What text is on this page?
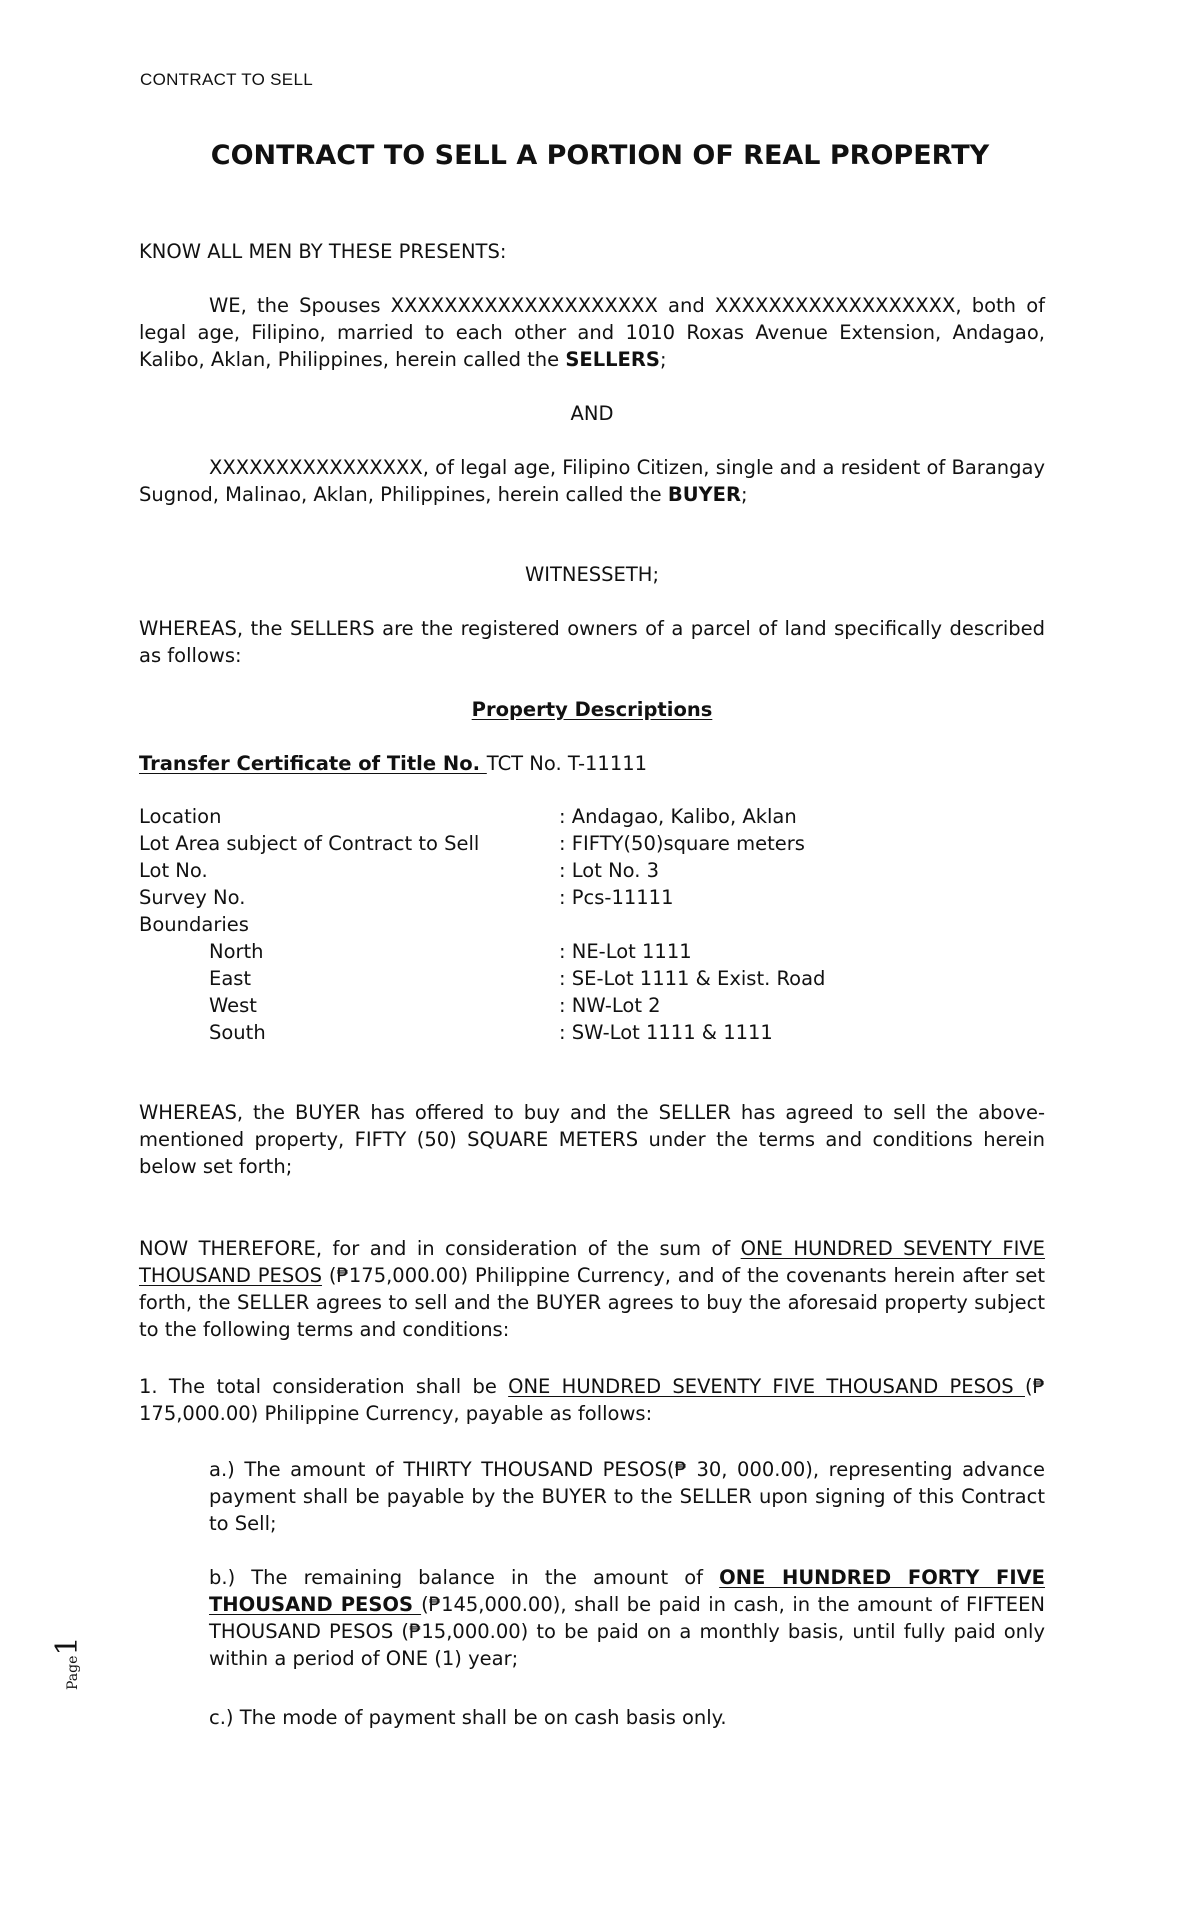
CONTRACT TO SELL
CONTRACT TO SELL A PORTION OF REAL PROPERTY
KNOW ALL MEN BY THESE PRESENTS:
WE, the Spouses XXXXXXXXXXXXXXXXXXXX and XXXXXXXXXXXXXXXXXX, both of legal age, Filipino, married to each other and 1010 Roxas Avenue Extension, Andagao, Kalibo, Aklan, Philippines, herein called the SELLERS;
AND
XXXXXXXXXXXXXXXX, of legal age, Filipino Citizen, single and a resident of Barangay Sugnod, Malinao, Aklan, Philippines, herein called the BUYER;
WITNESSETH;
WHEREAS, the SELLERS are the registered owners of a parcel of land specifically described as follows:
Property Descriptions
Transfer Certificate of Title No. TCT No. T-11111
Location	: Andagao, Kalibo, Aklan
Lot Area subject of Contract to Sell	: FIFTY(50)square meters
Lot No.	: Lot No. 3
Survey No.	: Pcs-11111
Boundaries	
North	: NE-Lot 1111
East	: SE-Lot 1111 & Exist. Road
West	: NW-Lot 2
South	: SW-Lot 1111 & 1111
WHEREAS, the BUYER has offered to buy and the SELLER has agreed to sell the above-mentioned property, FIFTY (50) SQUARE METERS under the terms and conditions herein below set forth;
NOW THEREFORE, for and in consideration of the sum of ONE HUNDRED SEVENTY FIVE THOUSAND PESOS (₱175,000.00) Philippine Currency, and of the covenants herein after set forth, the SELLER agrees to sell and the BUYER agrees to buy the aforesaid property subject to the following terms and conditions:
1. The total consideration shall be ONE HUNDRED SEVENTY FIVE THOUSAND PESOS (₱ 175,000.00) Philippine Currency, payable as follows:
a.) The amount of THIRTY THOUSAND PESOS(₱ 30, 000.00), representing advance payment shall be payable by the BUYER to the SELLER upon signing of this Contract to Sell;
b.) The remaining balance in the amount of ONE HUNDRED FORTY FIVE THOUSAND PESOS (₱145,000.00), shall be paid in cash, in the amount of FIFTEEN THOUSAND PESOS (₱15,000.00) to be paid on a monthly basis, until fully paid only within a period of ONE (1) year;
c.) The mode of payment shall be on cash basis only.
Page1
